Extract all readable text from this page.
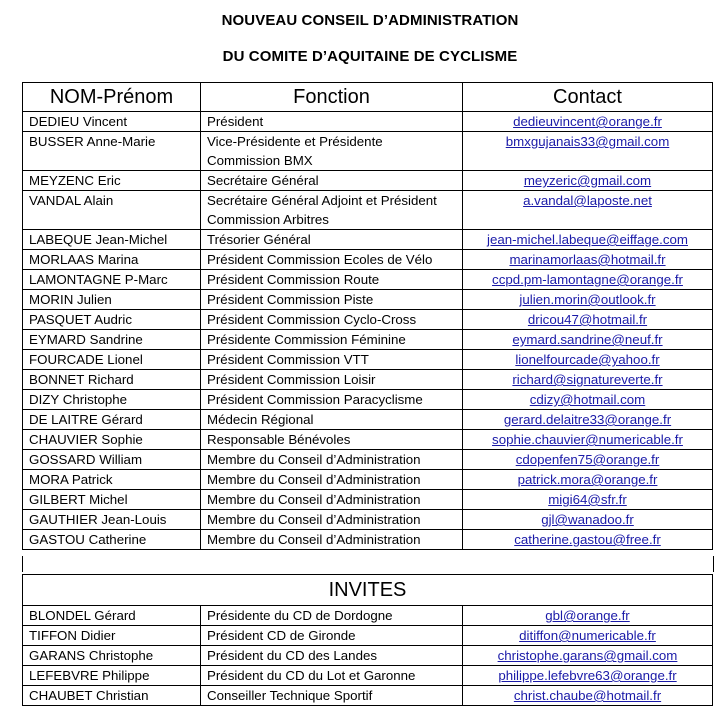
NOUVEAU CONSEIL D’ADMINISTRATION
DU COMITE D’AQUITAINE DE CYCLISME
NOM-Prénom	Fonction	Contact
DEDIEU Vincent	Président	dedieuvincent@orange.fr
BUSSER Anne-Marie	Vice-Présidente et Présidente Commission BMX	bmxgujanais33@gmail.com
MEYZENC Eric	Secrétaire Général	meyzeric@gmail.com
VANDAL Alain	Secrétaire Général Adjoint et Président Commission Arbitres	a.vandal@laposte.net
LABEQUE Jean-Michel	Trésorier Général	jean-michel.labeque@eiffage.com
MORLAAS Marina	Président Commission Ecoles de Vélo	marinamorlaas@hotmail.fr
LAMONTAGNE P-Marc	Président Commission Route	ccpd.pm-lamontagne@orange.fr
MORIN Julien	Président Commission Piste	julien.morin@outlook.fr
PASQUET Audric	Président Commission Cyclo-Cross	dricou47@hotmail.fr
EYMARD Sandrine	Présidente Commission Féminine	eymard.sandrine@neuf.fr
FOURCADE Lionel	Président Commission VTT	lionelfourcade@yahoo.fr
BONNET Richard	Président Commission Loisir	richard@signatureverte.fr
DIZY Christophe	Président Commission Paracyclisme	cdizy@hotmail.com
DE LAITRE Gérard	Médecin Régional	gerard.delaitre33@orange.fr
CHAUVIER Sophie	Responsable Bénévoles	sophie.chauvier@numericable.fr
GOSSARD William	Membre du Conseil d’Administration	cdopenfen75@orange.fr
MORA Patrick	Membre du Conseil d’Administration	patrick.mora@orange.fr
GILBERT Michel	Membre du Conseil d’Administration	migi64@sfr.fr
GAUTHIER Jean-Louis	Membre du Conseil d’Administration	gjl@wanadoo.fr
GASTOU Catherine	Membre du Conseil d’Administration	catherine.gastou@free.fr
INVITES		
BLONDEL Gérard	Présidente du CD de Dordogne	gbl@orange.fr
TIFFON Didier	Président CD de Gironde	ditiffon@numericable.fr
GARANS Christophe	Président du CD des Landes	christophe.garans@gmail.com
LEFEBVRE Philippe	Président du CD du Lot et Garonne	philippe.lefebvre63@orange.fr
CHAUBET Christian	Conseiller Technique Sportif	christ.chaube@hotmail.fr
